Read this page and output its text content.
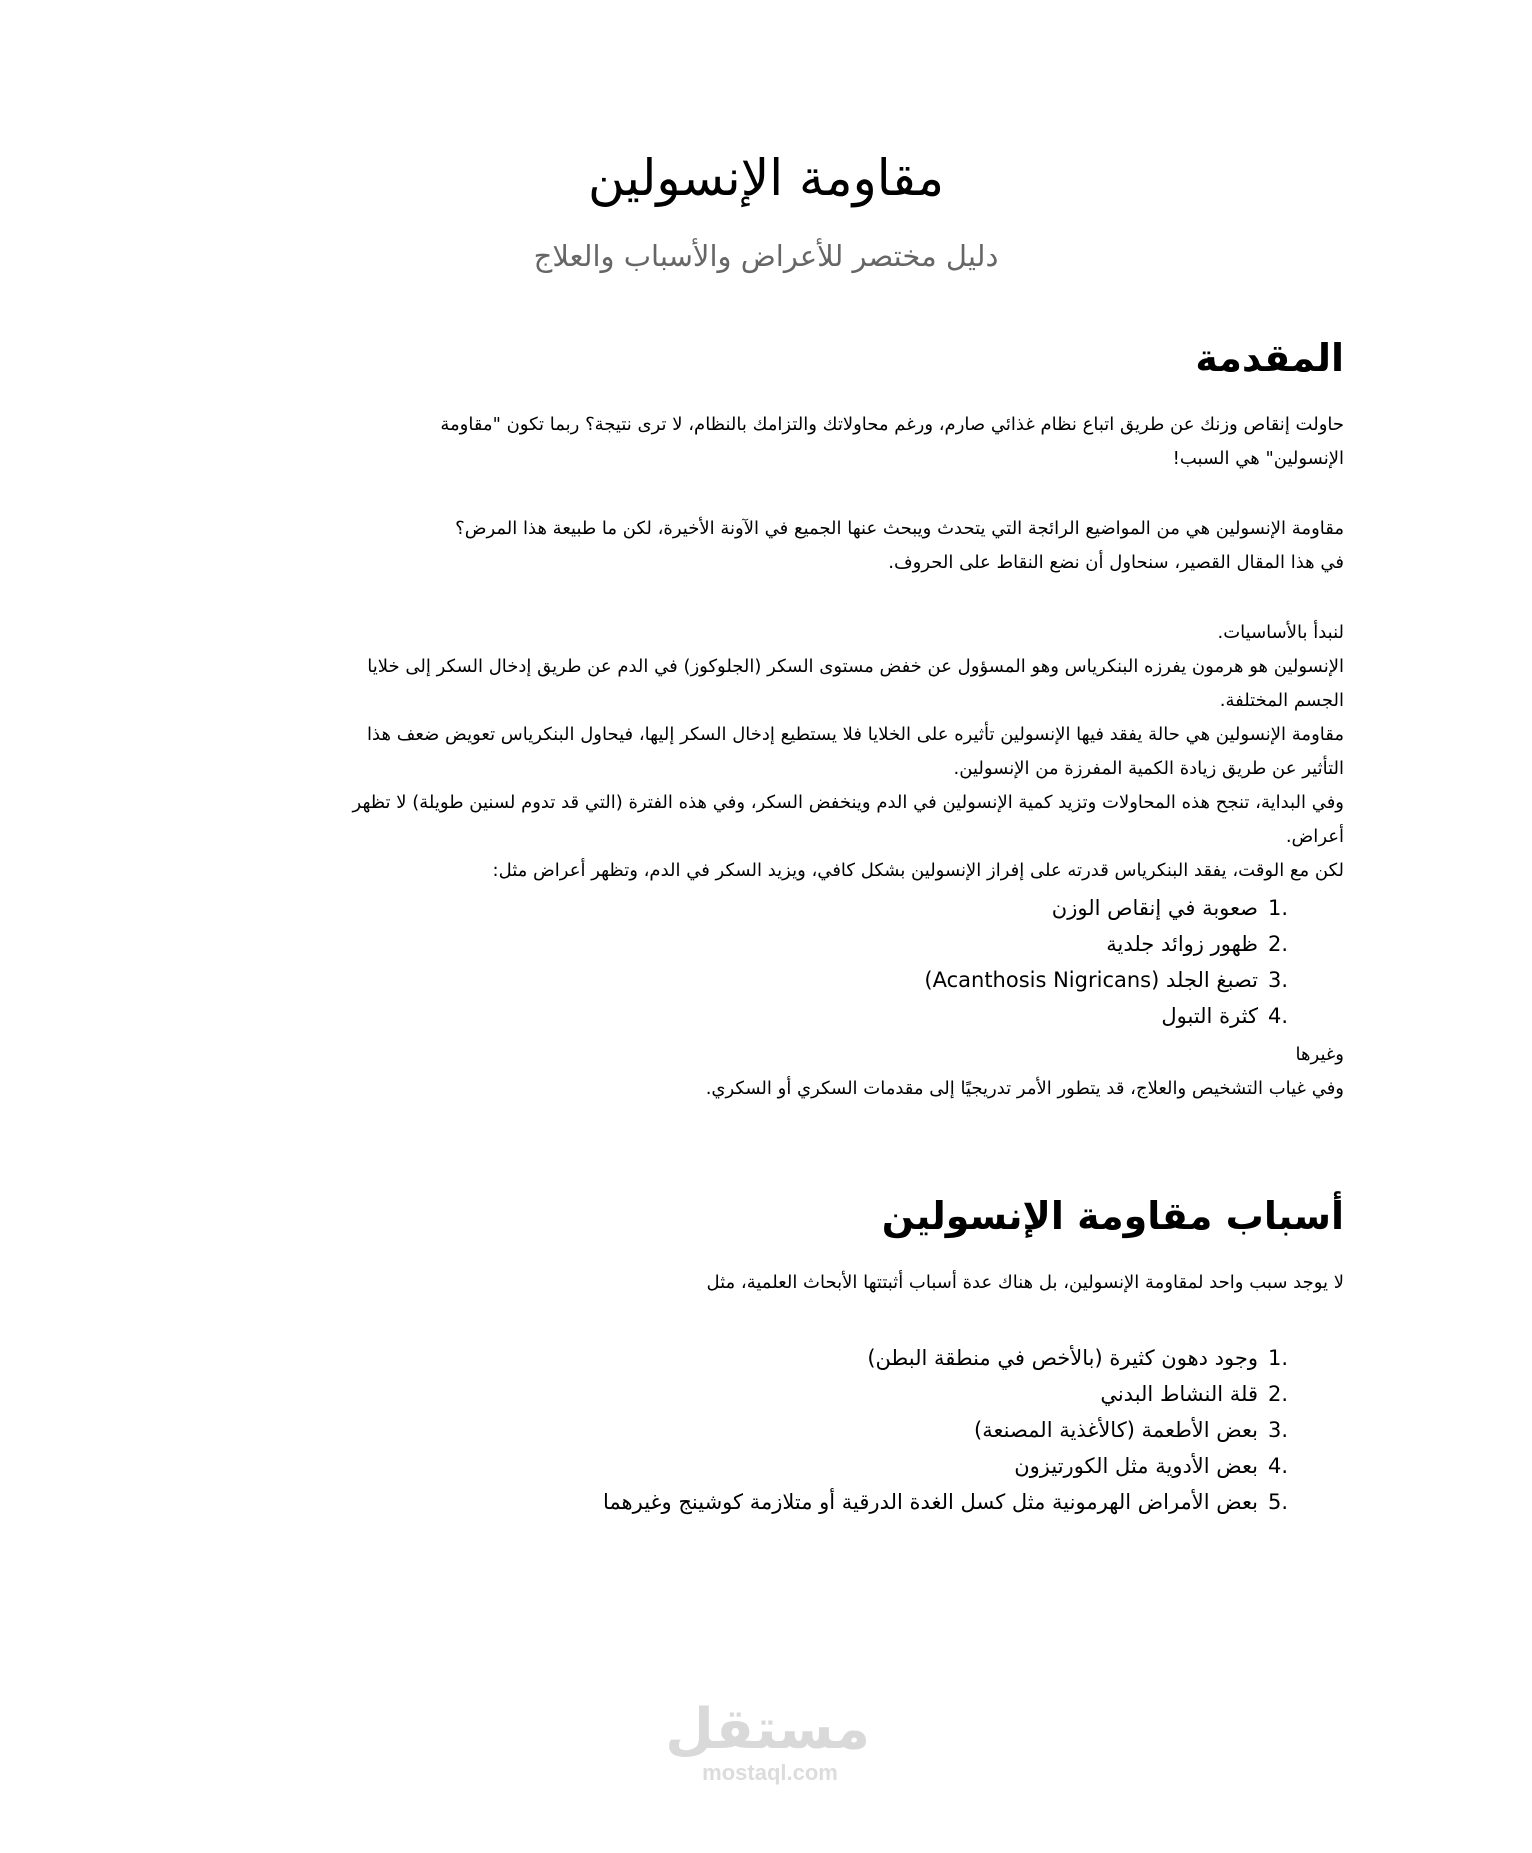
مقاومة الإنسولين

دليل مختصر للأعراض والأسباب والعلاج

المقدمة

حاولت إنقاص وزنك عن طريق اتباع نظام غذائي صارم، ورغم محاولاتك والتزامك بالنظام، لا ترى نتيجة؟ ربما تكون "مقاومة
الإنسولين" هي السبب!

مقاومة الإنسولين هي من المواضيع الرائجة التي يتحدث ويبحث عنها الجميع في الآونة الأخيرة، لكن ما طبيعة هذا المرض؟
في هذا المقال القصير، سنحاول أن نضع النقاط على الحروف.

لنبدأ بالأساسيات.
الإنسولين هو هرمون يفرزه البنكرياس وهو المسؤول عن خفض مستوى السكر (الجلوكوز) في الدم عن طريق إدخال السكر إلى خلايا
الجسم المختلفة.
مقاومة الإنسولين هي حالة يفقد فيها الإنسولين تأثيره على الخلايا فلا يستطيع إدخال السكر إليها، فيحاول البنكرياس تعويض ضعف هذا
التأثير عن طريق زيادة الكمية المفرزة من الإنسولين.
وفي البداية، تنجح هذه المحاولات وتزيد كمية الإنسولين في الدم وينخفض السكر، وفي هذه الفترة (التي قد تدوم لسنين طويلة) لا تظهر
أعراض.
لكن مع الوقت، يفقد البنكرياس قدرته على إفراز الإنسولين بشكل كافي، ويزيد السكر في الدم، وتظهر أعراض مثل:

1.
صعوبة في إنقاص الوزن
2.
ظهور زوائد جلدية
3.
تصبغ الجلد (Acanthosis Nigricans)
4.
كثرة التبول

وغيرها
وفي غياب التشخيص والعلاج، قد يتطور الأمر تدريجيًا إلى مقدمات السكري أو السكري.

أسباب مقاومة الإنسولين

لا يوجد سبب واحد لمقاومة الإنسولين، بل هناك عدة أسباب أثبتتها الأبحاث العلمية، مثل

1.
وجود دهون كثيرة (بالأخص في منطقة البطن)
2.
قلة النشاط البدني
3.
بعض الأطعمة (كالأغذية المصنعة)
4.
بعض الأدوية مثل الكورتيزون
5.
بعض الأمراض الهرمونية مثل كسل الغدة الدرقية أو متلازمة كوشينج وغيرهما
مستقل
mostaql.com
